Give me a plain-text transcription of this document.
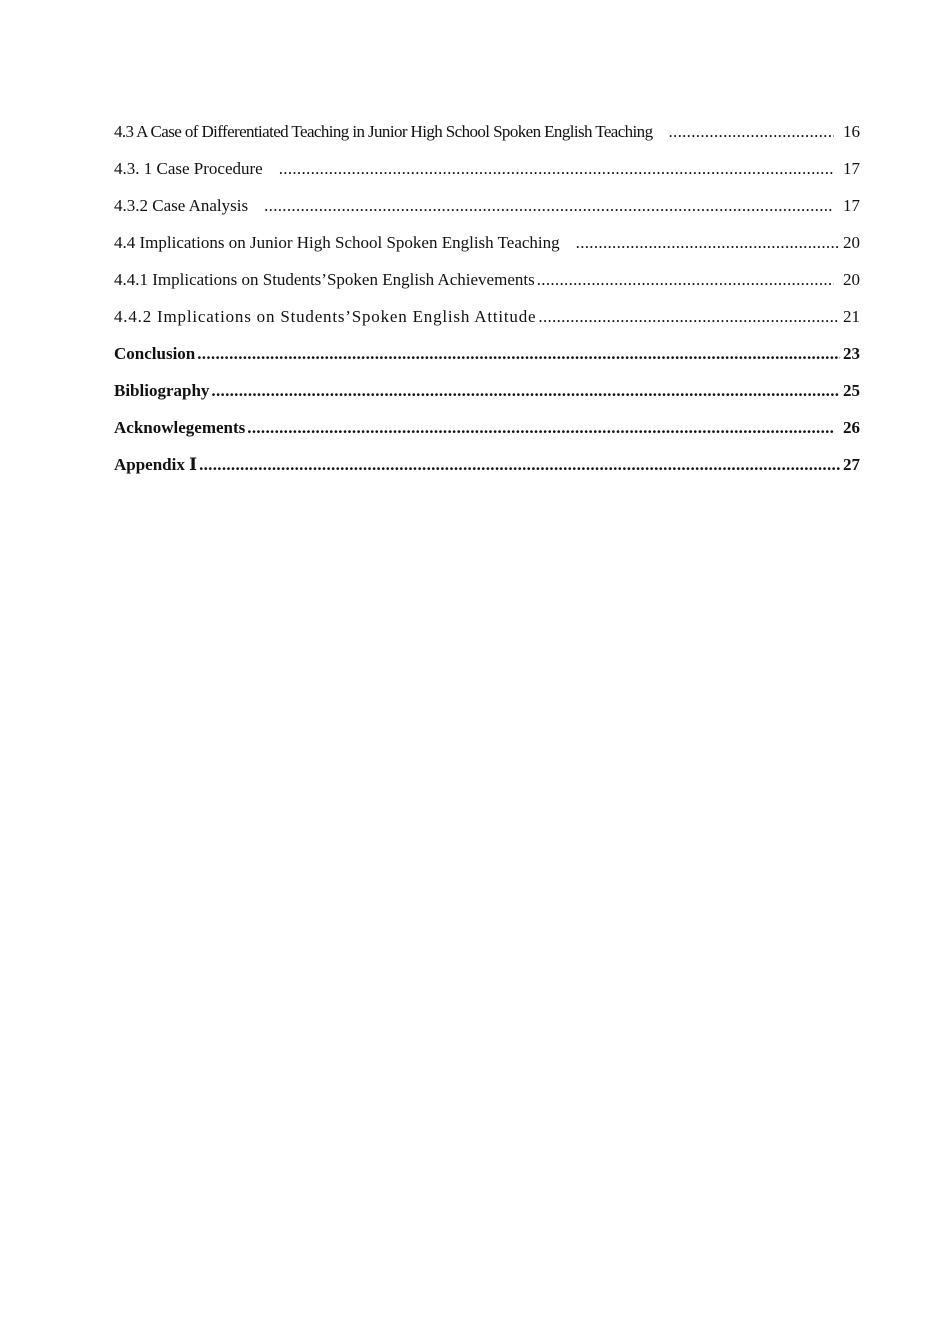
4.3 A Case of Differentiated Teaching in Junior High School Spoken English Teaching .....	16
4.3. 1 Case Procedure .....	17
4.3.2 Case Analysis .....	17
4.4 Implications on Junior High School Spoken English Teaching .....	20
4.4.1 Implications on Students’Spoken English Achievements .....	20
4.4.2 Implications on Students’Spoken English Attitude .....	21
Conclusion .....	23
Bibliography .....	25
Acknowlegements .....	26
Appendix Ⅰ .....	27
